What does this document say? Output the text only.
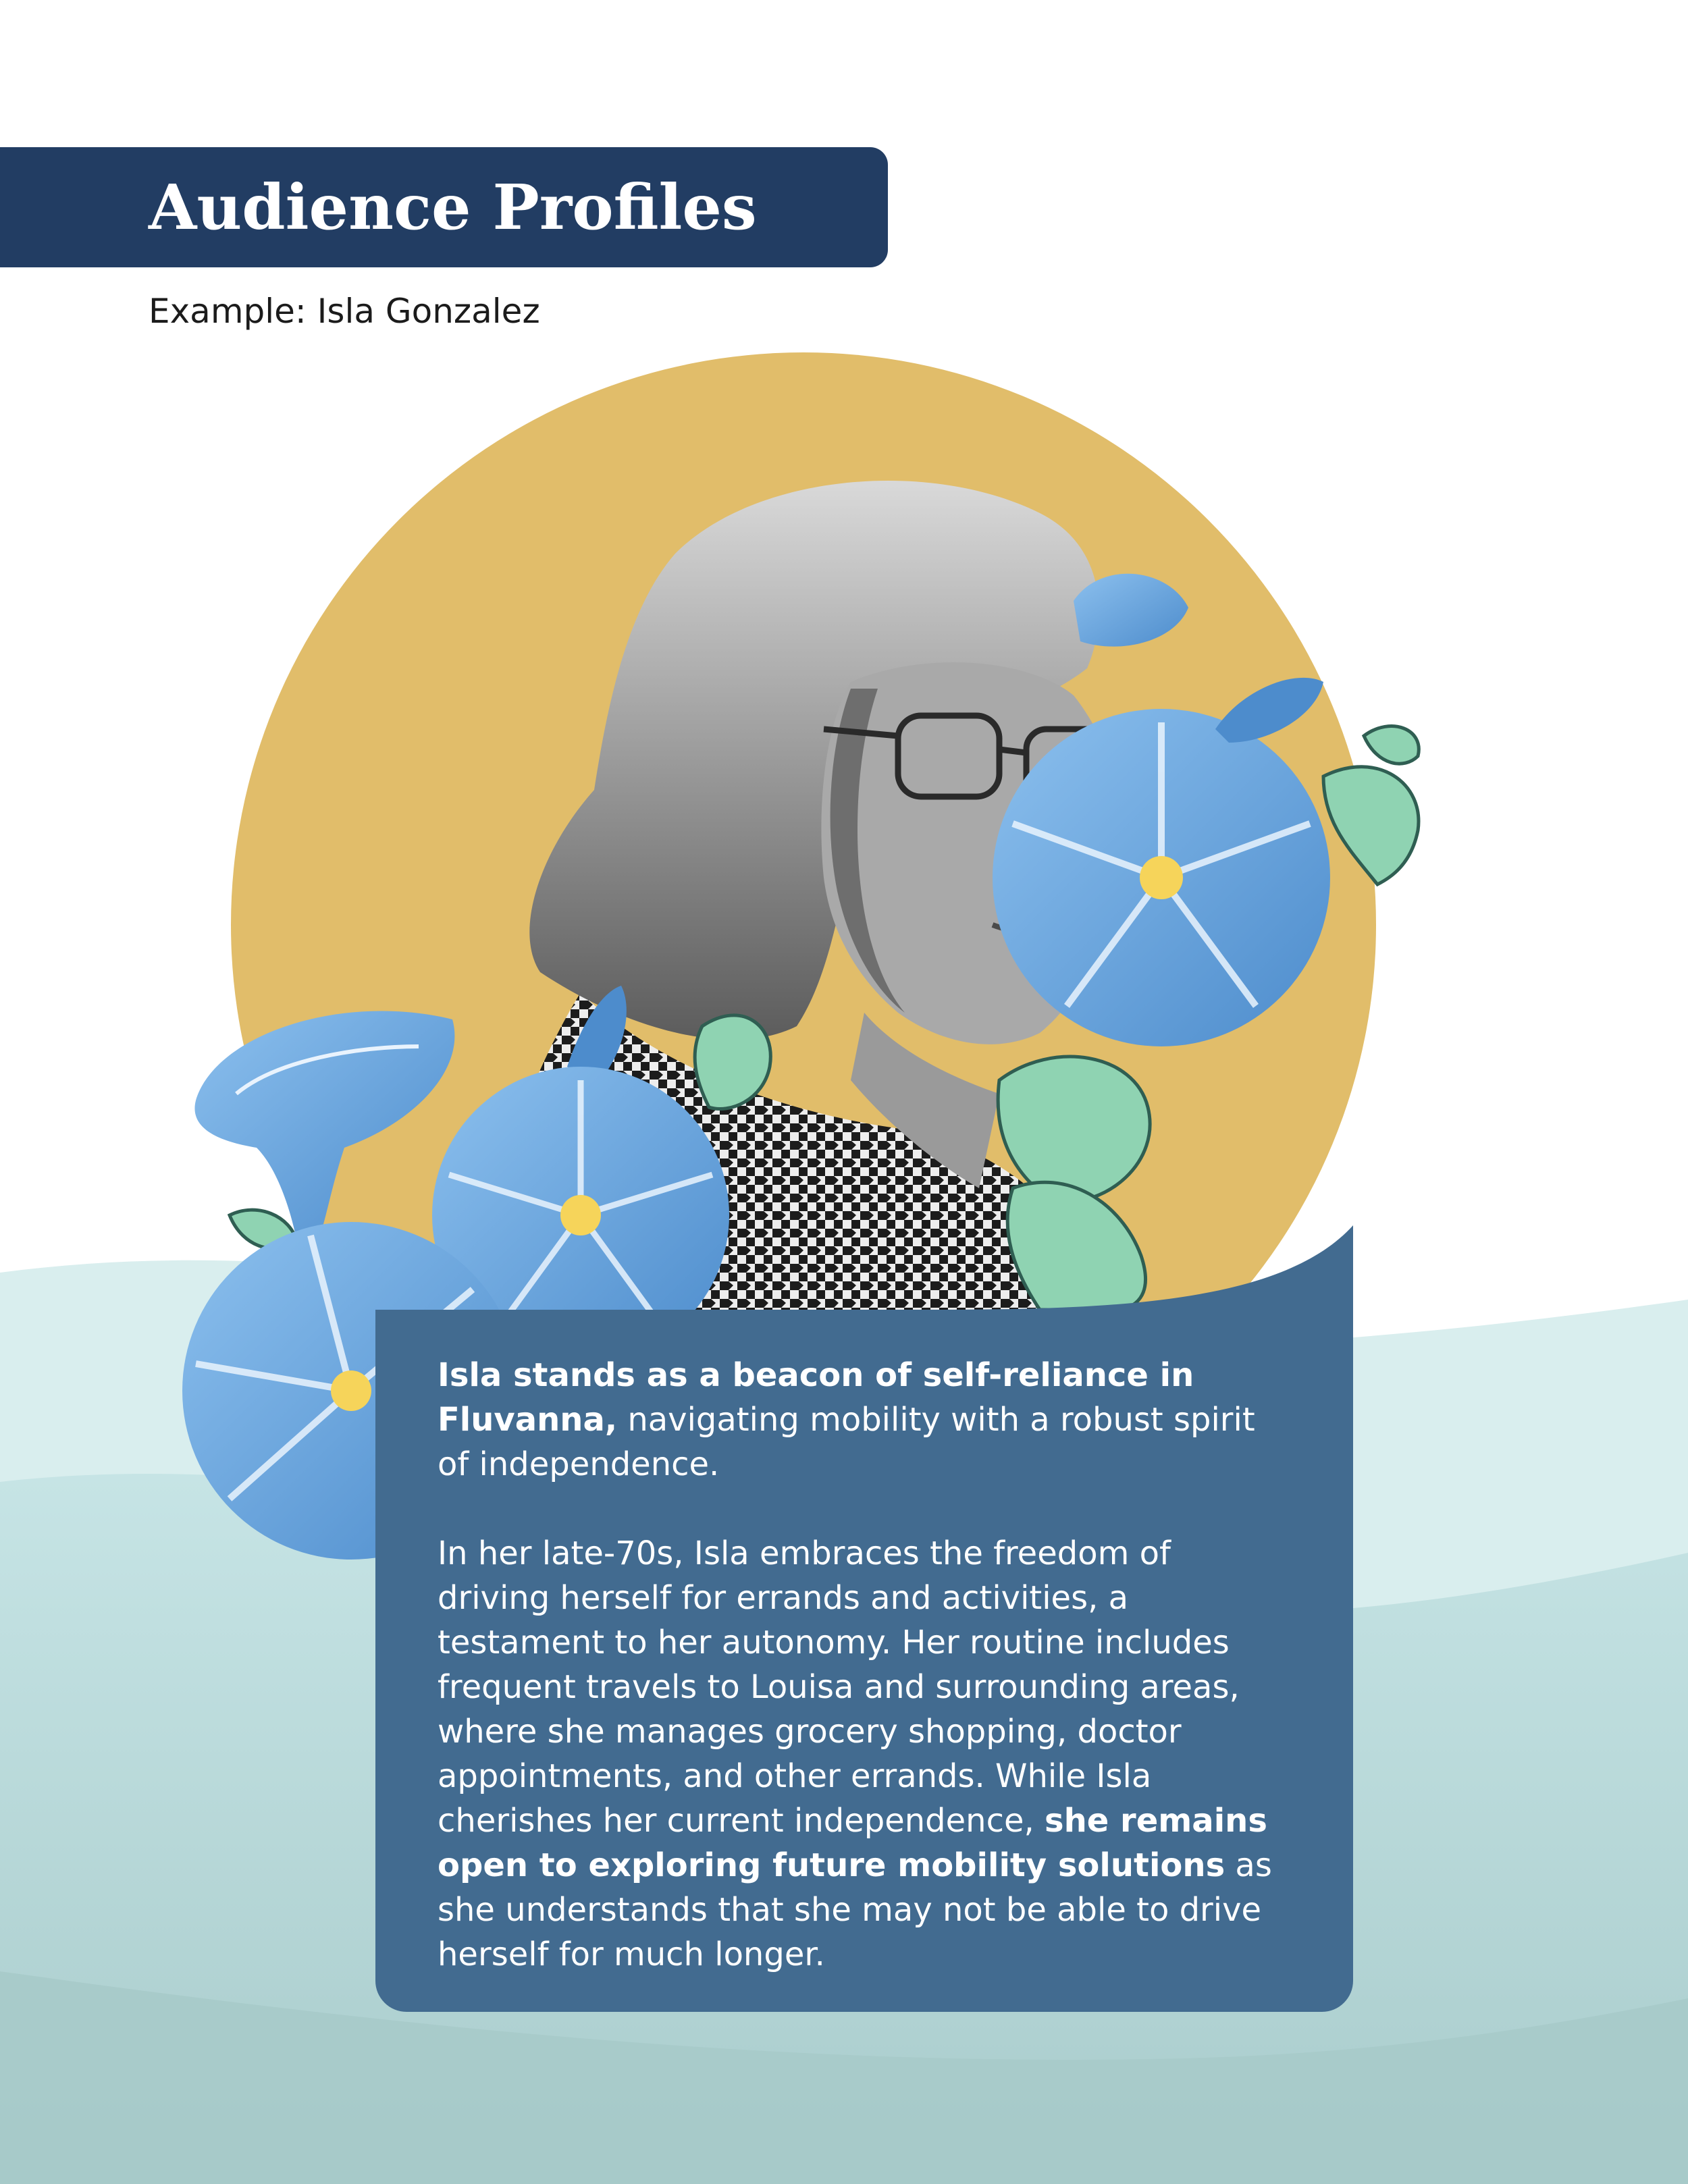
Audience Profiles
Example: Isla Gonzalez

Isla stands as a beacon of self-reliance in Fluvanna, navigating mobility with a robust spirit of independence.

In her late-70s, Isla embraces the freedom of driving herself for errands and activities, a testament to her autonomy. Her routine includes frequent travels to Louisa and surrounding areas, where she manages grocery shopping, doctor appointments, and other errands. While Isla cherishes her current independence, she remains open to exploring future mobility solutions as she understands that she may not be able to drive herself for much longer.
